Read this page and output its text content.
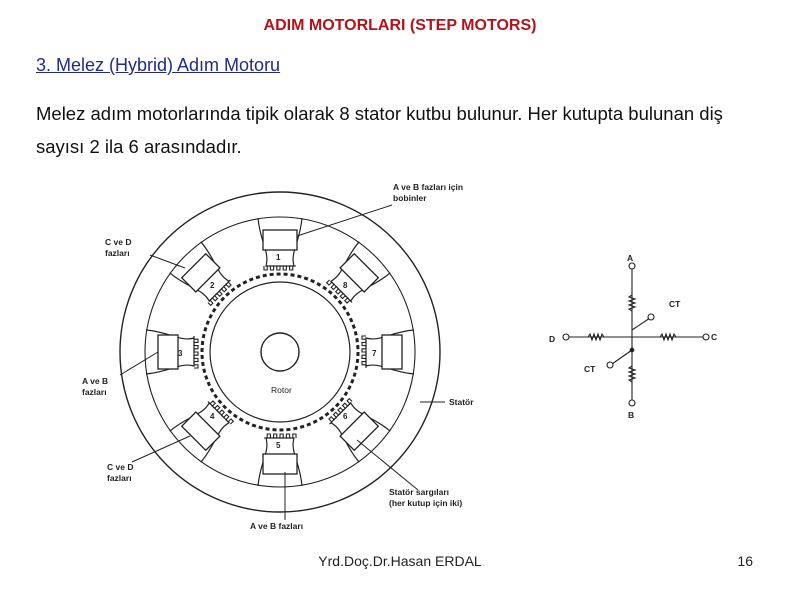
ADIM MOTORLARI (STEP MOTORS)
3. Melez (Hybrid) Adım Motoru
Melez adım motorlarında tipik olarak 8 stator kutbu bulunur. Her kutupta bulunan diş sayısı 2 ila 6 arasındadır.
1
2
3
4
5
6
7
8
A ve B fazları için
bobinler
C ve D
fazları
A ve B
fazları
C ve D
fazları
A ve B fazları
Rotor
Statör
Statör sargıları
(her kutup için iki)
A
B
C
D
CT
CT
Yrd.Doç.Dr.Hasan ERDAL	16
